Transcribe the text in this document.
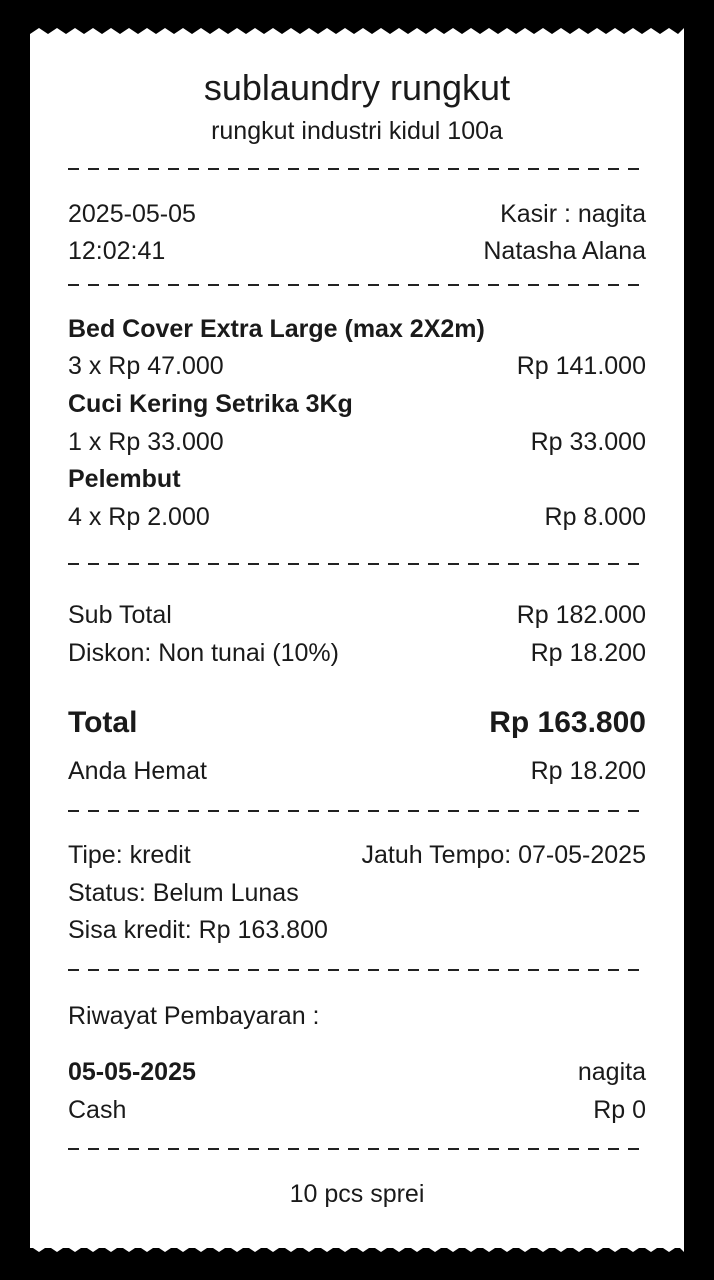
sublaundry rungkut
rungkut industri kidul 100a
2025-05-05	Kasir : nagita
12:02:41	Natasha Alana
Bed Cover Extra Large (max 2X2m)
3 x Rp 47.000	Rp 141.000
Cuci Kering Setrika 3Kg
1 x Rp 33.000	Rp 33.000
Pelembut
4 x Rp 2.000	Rp 8.000
Sub Total	Rp 182.000
Diskon: Non tunai (10%)	Rp 18.200
Total	Rp 163.800
Anda Hemat	Rp 18.200
Tipe: kredit	Jatuh Tempo: 07-05-2025
Status: Belum Lunas
Sisa kredit: Rp 163.800
Riwayat Pembayaran :
05-05-2025	nagita
Cash	Rp 0
10 pcs sprei
